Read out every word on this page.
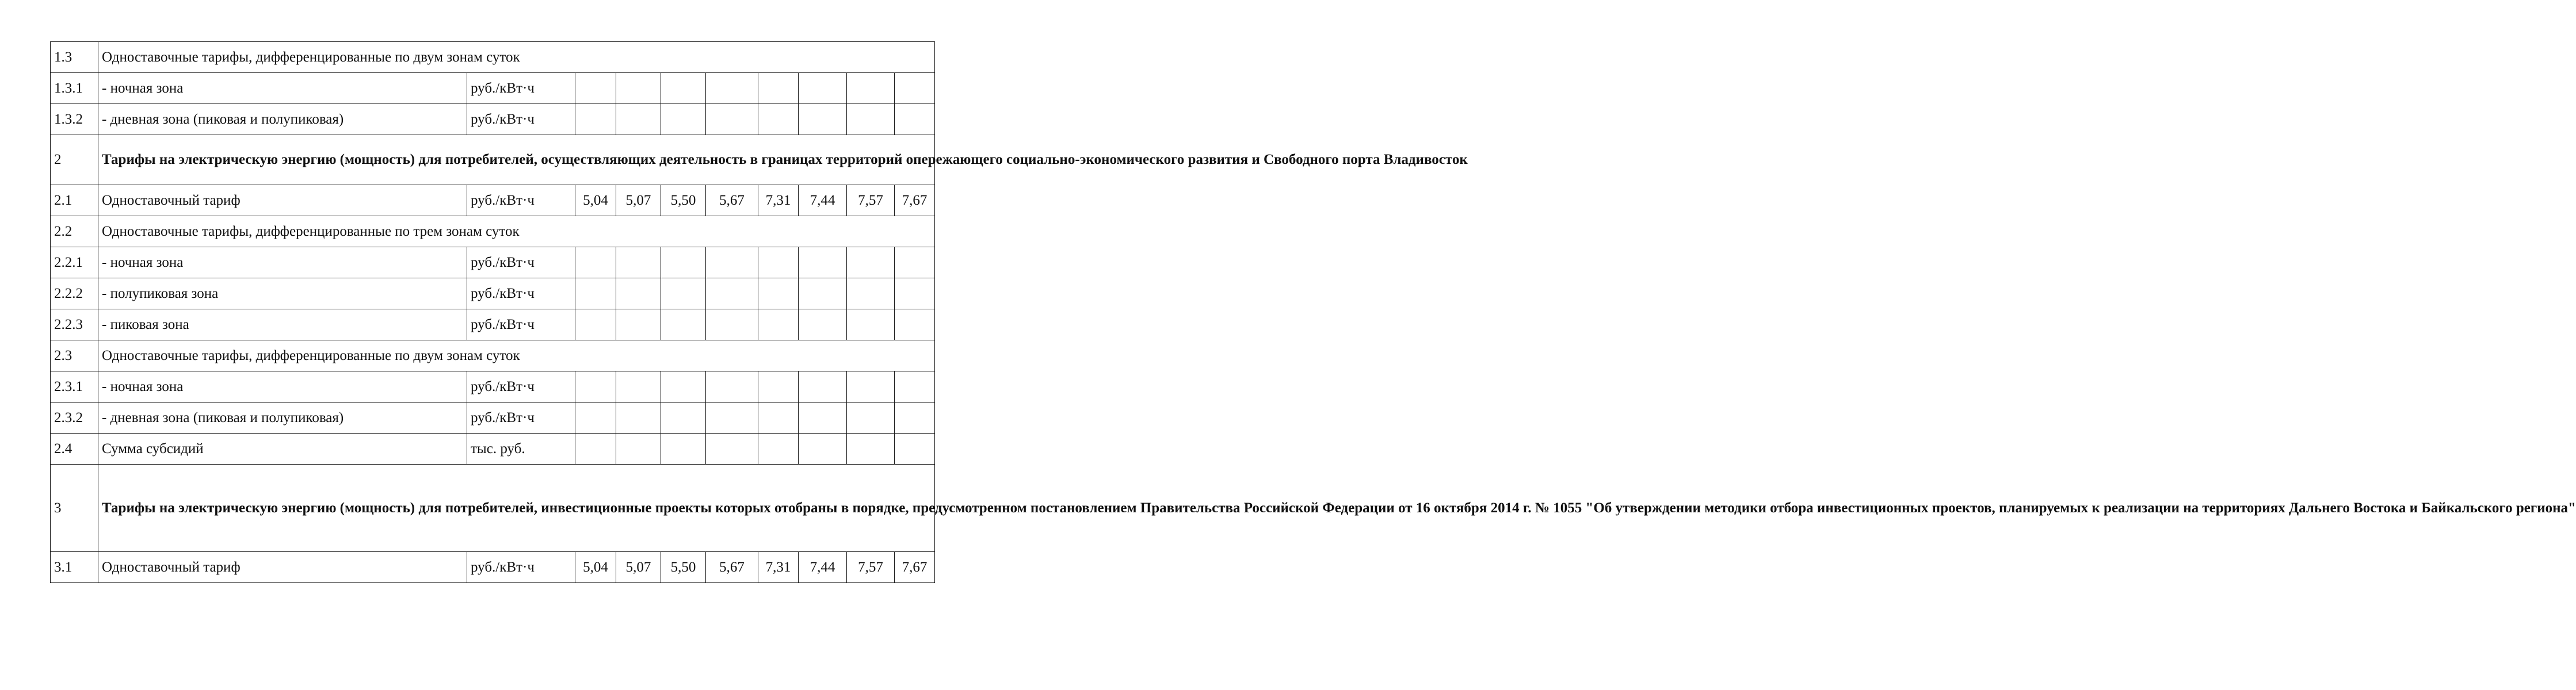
1.3	Одноставочные тарифы, дифференцированные по двум зонам суток									
1.3.1	- ночная зона	руб./кВт·ч								
1.3.2	- дневная зона (пиковая и полупиковая)	руб./кВт·ч								
2	Тарифы на электрическую энергию (мощность) для потребителей, осуществляющих деятельность в границах территорий опережающего социально-экономического развития и Свободного порта Владивосток									
2.1	Одноставочный тариф	руб./кВт·ч	5,04	5,07	5,50	5,67	7,31	7,44	7,57	7,67
2.2	Одноставочные тарифы, дифференцированные по трем зонам суток									
2.2.1	- ночная зона	руб./кВт·ч								
2.2.2	- полупиковая зона	руб./кВт·ч								
2.2.3	- пиковая зона	руб./кВт·ч								
2.3	Одноставочные тарифы, дифференцированные по двум зонам суток									
2.3.1	- ночная зона	руб./кВт·ч								
2.3.2	- дневная зона (пиковая и полупиковая)	руб./кВт·ч								
2.4	Сумма субсидий	тыс. руб.								
3	Тарифы на электрическую энергию (мощность) для потребителей, инвестиционные проекты которых отобраны в порядке, предусмотренном постановлением Правительства Российской Федерации от 16 октября 2014 г. № 1055 "Об утверждении методики отбора инвестиционных проектов, планируемых к реализации на территориях Дальнего Востока и Байкальского региона"									
3.1	Одноставочный тариф	руб./кВт·ч	5,04	5,07	5,50	5,67	7,31	7,44	7,57	7,67
